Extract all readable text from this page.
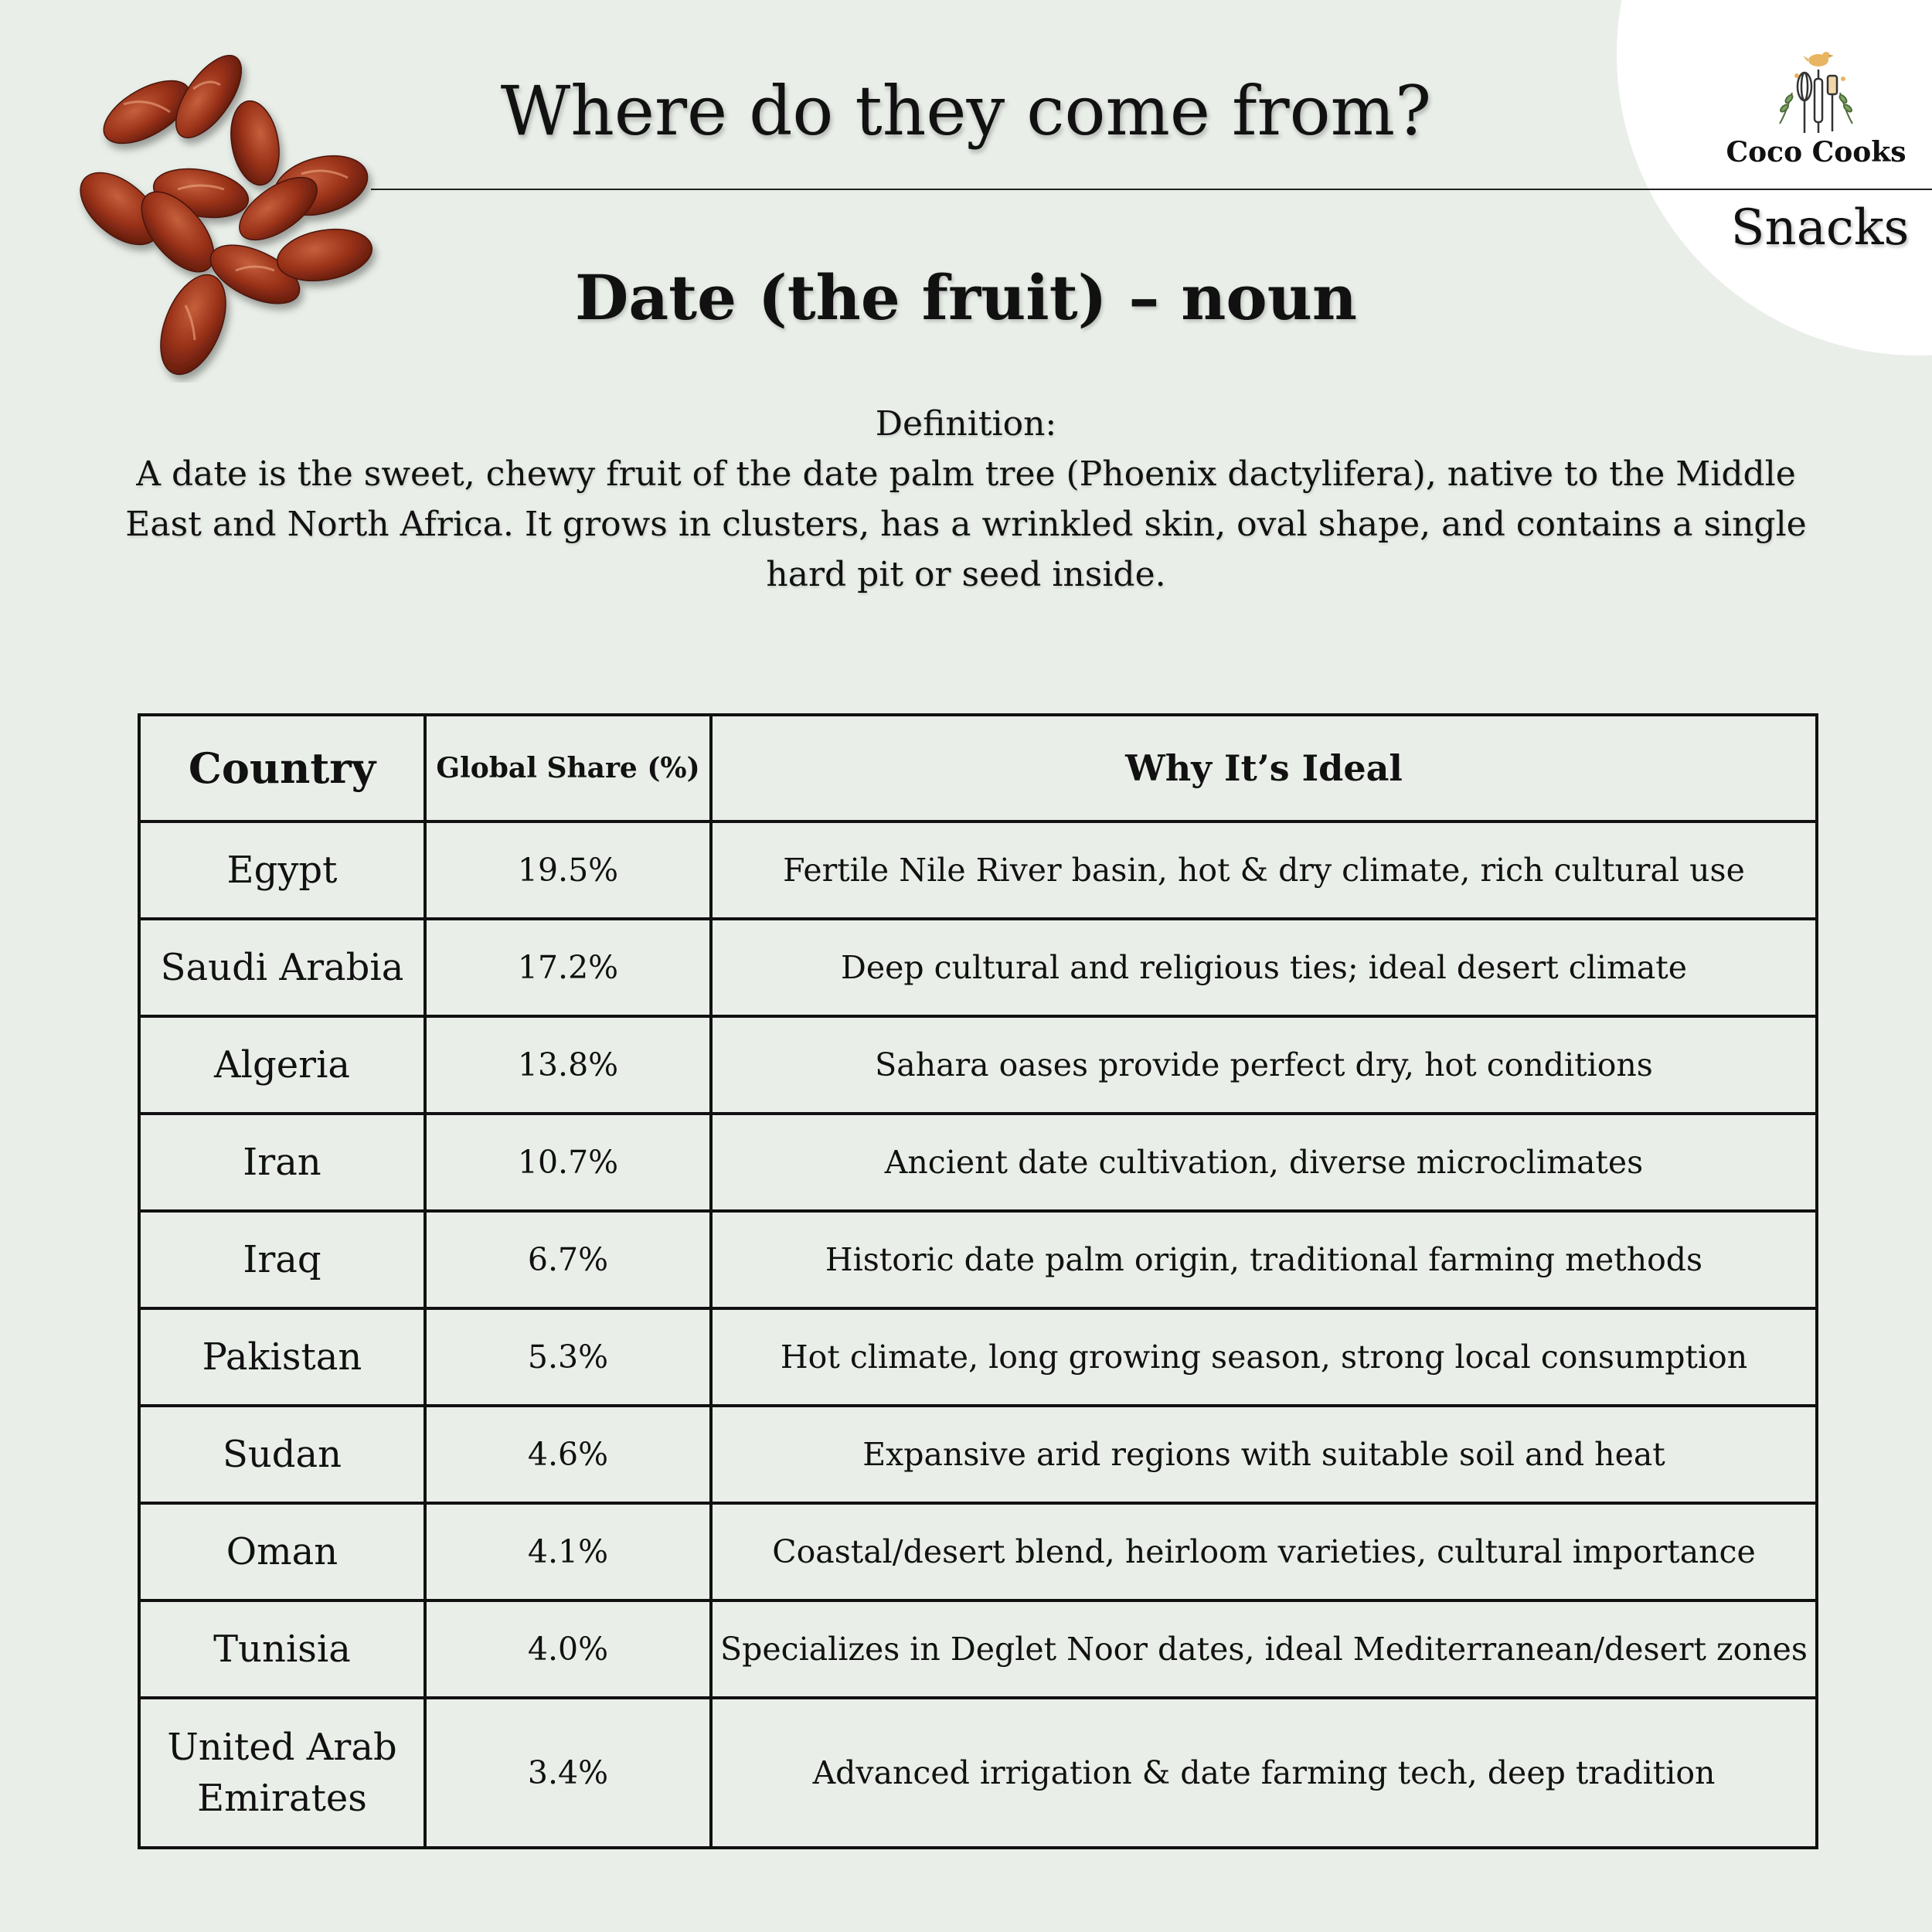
Coco Cooks
Snacks
Where do they come from?
Date (the fruit) – noun
Definition:
A date is the sweet, chewy fruit of the date palm tree (Phoenix dactylifera), native to the Middle East and North Africa. It grows in clusters, has a wrinkled skin, oval shape, and contains a single hard pit or seed inside.
Country	Global Share (%)	Why It’s Ideal
Egypt	19.5%	Fertile Nile River basin, hot & dry climate, rich cultural use
Saudi Arabia	17.2%	Deep cultural and religious ties; ideal desert climate
Algeria	13.8%	Sahara oases provide perfect dry, hot conditions
Iran	10.7%	Ancient date cultivation, diverse microclimates
Iraq	6.7%	Historic date palm origin, traditional farming methods
Pakistan	5.3%	Hot climate, long growing season, strong local consumption
Sudan	4.6%	Expansive arid regions with suitable soil and heat
Oman	4.1%	Coastal/desert blend, heirloom varieties, cultural importance
Tunisia	4.0%	Specializes in Deglet Noor dates, ideal Mediterranean/desert zones
United Arab Emirates	3.4%	Advanced irrigation & date farming tech, deep tradition
